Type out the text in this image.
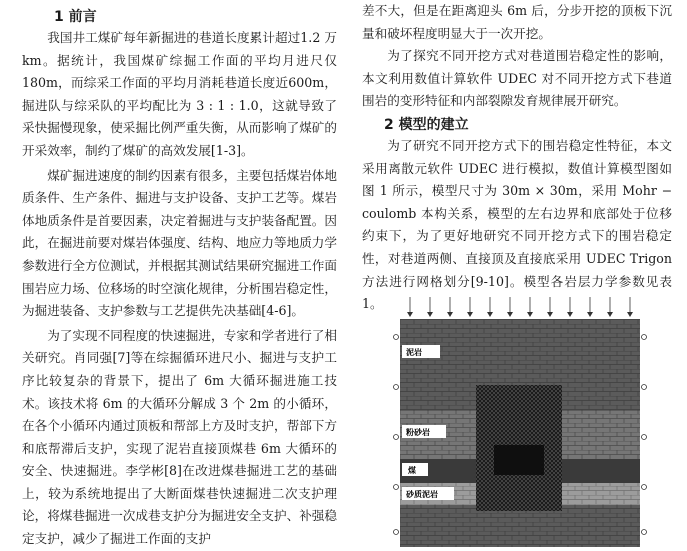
1 前言

我国井工煤矿每年新掘进的巷道长度累计超过1.2 万 km。据统计，我国煤矿综掘工作面的平均月进尺仅 180m，而综采工作面的平均月消耗巷道长度近600m，掘进队与综采队的平均配比为 3 : 1 : 1.0，这就导致了采快掘慢现象，使采掘比例严重失衡，从而影响了煤矿的开采效率，制约了煤矿的高效发展[1-3]。

煤矿掘进速度的制约因素有很多，主要包括煤岩体地质条件、生产条件、掘进与支护设备、支护工艺等。煤岩体地质条件是首要因素，决定着掘进与支护装备配置。因此，在掘进前要对煤岩体强度、结构、地应力等地质力学参数进行全方位测试，并根据其测试结果研究掘进工作面围岩应力场、位移场的时空演化规律，分析围岩稳定性，为掘进装备、支护参数与工艺提供先决基础[4-6]。

为了实现不同程度的快速掘进，专家和学者进行了相关研究。肖同强[7]等在综掘循环进尺小、掘进与支护工序比较复杂的背景下，提出了 6m 大循环掘进施工技术。该技术将 6m 的大循环分解成 3 个 2m 的小循环，在各个小循环内通过顶板和帮部上方及时支护，帮部下方和底帮滞后支护，实现了泥岩直接顶煤巷 6m 大循环的安全、快速掘进。李学彬[8]在改进煤巷掘进工艺的基础上，较为系统地提出了大断面煤巷快速掘进二次支护理论，将煤巷掘进一次成巷支护分为掘进安全支护、补强稳定支护，减少了掘进工作面的支护

差不大，但是在距离迎头 6m 后，分步开挖的顶板下沉量和破坏程度明显大于一次开挖。

为了探究不同开挖方式对巷道围岩稳定性的影响，本文利用数值计算软件 UDEC 对不同开挖方式下巷道围岩的变形特征和内部裂隙发育规律展开研究。

2 模型的建立

为了研究不同开挖方式下的围岩稳定性特征，本文采用离散元软件 UDEC 进行模拟，数值计算模型图如图 1 所示，模型尺寸为 30m × 30m，采用 Mohr − coulomb 本构关系，模型的左右边界和底部处于位移约束下，为了更好地研究不同开挖方式下的围岩稳定性，对巷道两侧、直接顶及直接底采用 UDEC Trigon 方法进行网格划分[9-10]。模型各岩层力学参数见表 1。

泥岩
粉砂岩
煤
砂质泥岩
